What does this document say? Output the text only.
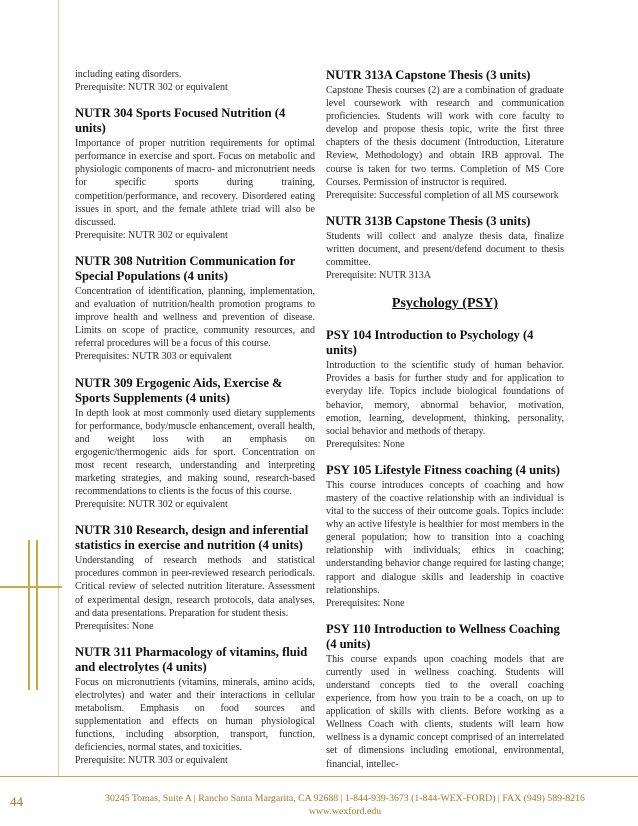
including eating disorders.

Prerequisite: NUTR 302 or equivalent

NUTR 304 Sports Focused Nutrition (4 units)

Importance of proper nutrition requirements for optimal performance in exercise and sport. Focus on metabolic and physiologic components of macro- and micronutrient needs for specific sports during training, competition/performance, and recovery. Disordered eating issues in sport, and the female athlete triad will also be discussed.

Prerequisite: NUTR 302 or equivalent

NUTR 308 Nutrition Communication for Special Populations (4 units)

Concentration of identification, planning, implementation, and evaluation of nutrition/health promotion programs to improve health and wellness and prevention of disease. Limits on scope of practice, community resources, and referral procedures will be a focus of this course.

Prerequisites: NUTR 303 or equivalent

NUTR 309 Ergogenic Aids, Exercise & Sports Supplements (4 units)

In depth look at most commonly used dietary supplements for performance, body/muscle enhancement, overall health, and weight loss with an emphasis on ergogenic/thermogenic aids for sport. Concentration on most recent research, understanding and interpreting marketing strategies, and making sound, research-based recommendations to clients is the focus of this course.

Prerequisite: NUTR 302 or equivalent

NUTR 310 Research, design and inferential statistics in exercise and nutrition (4 units)

Understanding of research methods and statistical procedures common in peer-reviewed research periodicals. Critical review of selected nutrition literature. Assessment of experimental design, research protocols, data analyses, and data presentations. Preparation for student thesis.

Prerequisites: None

NUTR 311 Pharmacology of vitamins, fluid and electrolytes (4 units)

Focus on micronutrients (vitamins, minerals, amino acids, electrolytes) and water and their interactions in cellular metabolism. Emphasis on food sources and supplementation and effects on human physiological functions, including absorption, transport, function, deficiencies, normal states, and toxicities.

Prerequisite: NUTR 303 or equivalent

NUTR 313A Capstone Thesis (3 units)

Capstone Thesis courses (2) are a combination of graduate level coursework with research and communication proficiencies. Students will work with core faculty to develop and propose thesis topic, write the first three chapters of the thesis document (Introduction, Literature Review, Methodology) and obtain IRB approval. The course is taken for two terms. Completion of MS Core Courses. Permission of instructor is required.

Prerequisite: Successful completion of all MS coursework

NUTR 313B Capstone Thesis (3 units)

Students will collect and analyze thesis data, finalize written document, and present/defend document to thesis committee.

Prerequisite: NUTR 313A

Psychology (PSY)

PSY 104 Introduction to Psychology (4 units)

Introduction to the scientific study of human behavior. Provides a basis for further study and for application to everyday life. Topics include biological foundations of behavior, memory, abnormal behavior, motivation, emotion, learning, development, thinking, personality, social behavior and methods of therapy.

Prerequisites: None

PSY 105 Lifestyle Fitness coaching (4 units)

This course introduces concepts of coaching and how mastery of the coactive relationship with an individual is vital to the success of their outcome goals. Topics include: why an active lifestyle is healthier for most members in the general population; how to transition into a coaching relationship with individuals; ethics in coaching; understanding behavior change required for lasting change; rapport and dialogue skills and leadership in coactive relationships.

Prerequisites: None

PSY 110 Introduction to Wellness Coaching (4 units)

This course expands upon coaching models that are currently used in wellness coaching. Students will understand concepts tied to the overall coaching experience, from how you train to be a coach, on up to application of skills with clients. Before working as a Wellness Coach with clients, students will learn how wellness is a dynamic concept comprised of an interrelated set of dimensions including emotional, environmental, financial, intellec-

44	30245 Tomas, Suite A | Rancho Santa Margarita, CA 92688 | 1-844-939-3673 (1-844-WEX-FORD) | FAX (949) 589-8216
www.wexford.edu
